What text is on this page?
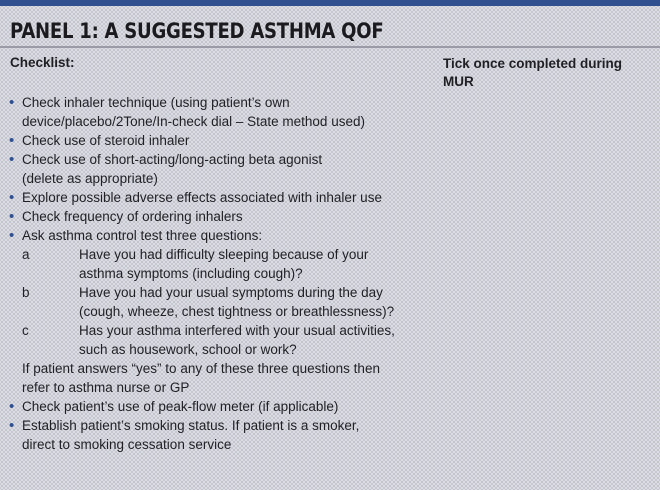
PANEL 1: A SUGGESTED ASTHMA QOF
Checklist:	Tick once completed during MUR
• Check inhaler technique (using patient’s own
device/placebo/2Tone/In-check dial – State method used)
• Check use of steroid inhaler
• Check use of short-acting/long-acting beta agonist
(delete as appropriate)
• Explore possible adverse effects associated with inhaler use
• Check frequency of ordering inhalers
• Ask asthma control test three questions:
a	Have you had difficulty sleeping because of your
asthma symptoms (including cough)?
b	Have you had your usual symptoms during the day
(cough, wheeze, chest tightness or breathlessness)?
c	Has your asthma interfered with your usual activities,
such as housework, school or work?
If patient answers “yes” to any of these three questions then
refer to asthma nurse or GP
• Check patient’s use of peak-flow meter (if applicable)
• Establish patient’s smoking status. If patient is a smoker,
direct to smoking cessation service
